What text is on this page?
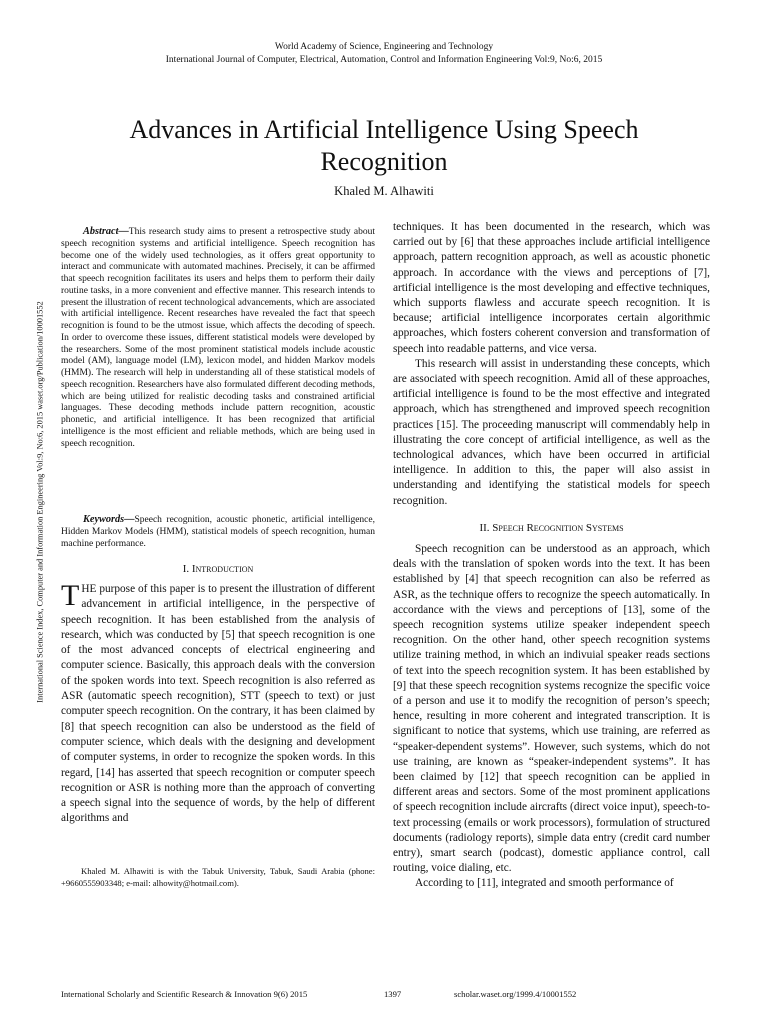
World Academy of Science, Engineering and Technology
International Journal of Computer, Electrical, Automation, Control and Information Engineering Vol:9, No:6, 2015
Advances in Artificial Intelligence Using Speech Recognition
Khaled M. Alhawiti
International Science Index, Computer and Information Engineering Vol:9, No:6, 2015 waset.org/Publication/10001552
Abstract — This research study aims to present a retrospective study about speech recognition systems and artificial intelligence. Speech recognition has become one of the widely used technologies, as it offers great opportunity to interact and communicate with automated machines. Precisely, it can be affirmed that speech recognition facilitates its users and helps them to perform their daily routine tasks, in a more convenient and effective manner. This research intends to present the illustration of recent technological advancements, which are associated with artificial intelligence. Recent researches have revealed the fact that speech recognition is found to be the utmost issue, which affects the decoding of speech. In order to overcome these issues, different statistical models were developed by the researchers. Some of the most prominent statistical models include acoustic model (AM), language model (LM), lexicon model, and hidden Markov models (HMM). The research will help in understanding all of these statistical models of speech recognition. Researchers have also formulated different decoding methods, which are being utilized for realistic decoding tasks and constrained artificial languages. These decoding methods include pattern recognition, acoustic phonetic, and artificial intelligence. It has been recognized that artificial intelligence is the most efficient and reliable methods, which are being used in speech recognition.
Keywords — Speech recognition, acoustic phonetic, artificial intelligence, Hidden Markov Models (HMM), statistical models of speech recognition, human machine performance.
I. Introduction
THE purpose of this paper is to present the illustration of different advancement in artificial intelligence, in the perspective of speech recognition. It has been established from the analysis of research, which was conducted by [5] that speech recognition is one of the most advanced concepts of electrical engineering and computer science. Basically, this approach deals with the conversion of the spoken words into text. Speech recognition is also referred as ASR (automatic speech recognition), STT (speech to text) or just computer speech recognition. On the contrary, it has been claimed by [8] that speech recognition can also be understood as the field of computer science, which deals with the designing and development of computer systems, in order to recognize the spoken words. In this regard, [14] has asserted that speech recognition or computer speech recognition or ASR is nothing more than the approach of converting a speech signal into the sequence of words, by the help of different algorithms and
Khaled M. Alhawiti is with the Tabuk University, Tabuk, Saudi Arabia (phone: +9660555903348; e-mail: alhowity@hotmail.com).

techniques. It has been documented in the research, which was carried out by [6] that these approaches include artificial intelligence approach, pattern recognition approach, as well as acoustic phonetic approach. In accordance with the views and perceptions of [7], artificial intelligence is the most developing and effective techniques, which supports flawless and accurate speech recognition. It is because; artificial intelligence incorporates certain algorithmic approaches, which fosters coherent conversion and transformation of speech into readable patterns, and vice versa.

This research will assist in understanding these concepts, which are associated with speech recognition. Amid all of these approaches, artificial intelligence is found to be the most effective and integrated approach, which has strengthened and improved speech recognition practices [15]. The proceeding manuscript will commendably help in illustrating the core concept of artificial intelligence, as well as the technological advances, which have been occurred in artificial intelligence. In addition to this, the paper will also assist in understanding and identifying the statistical models for speech recognition.

II. Speech Recognition Systems

Speech recognition can be understood as an approach, which deals with the translation of spoken words into the text. It has been established by [4] that speech recognition can also be referred as ASR, as the technique offers to recognize the speech automatically. In accordance with the views and perceptions of [13], some of the speech recognition systems utilize speaker independent speech recognition. On the other hand, other speech recognition systems utilize training method, in which an indivuial speaker reads sections of text into the speech recognition system. It has been established by [9] that these speech recognition systems recognize the specific voice of a person and use it to modify the recognition of person’s speech; hence, resulting in more coherent and integrated transcription. It is significant to notice that systems, which use training, are referred as “speaker-dependent systems”. However, such systems, which do not use training, are known as “speaker-independent systems”. It has been claimed by [12] that speech recognition can be applied in different areas and sectors. Some of the most prominent applications of speech recognition include aircrafts (direct voice input), speech-to-text processing (emails or work processors), formulation of structured documents (radiology reports), simple data entry (credit card number entry), smart search (podcast), domestic appliance control, call routing, voice dialing, etc.

According to [11], integrated and smooth performance of

International Scholarly and Scientific Research & Innovation 9(6) 2015	1397	scholar.waset.org/1999.4/10001552
